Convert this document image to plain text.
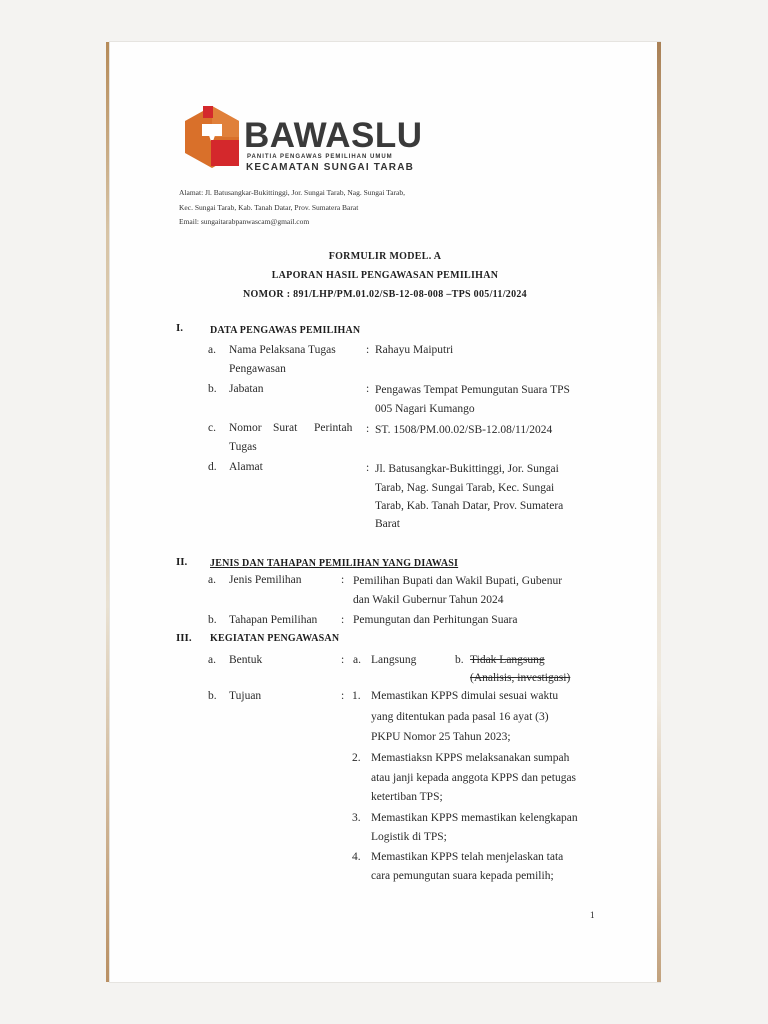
BAWASLU
PANITIA PENGAWAS PEMILIHAN UMUM
KECAMATAN SUNGAI TARAB
Alamat: Jl. Batusangkar-Bukittinggi, Jor. Sungai Tarab, Nag. Sungai Tarab,
Kec. Sungai Tarab, Kab. Tanah Datar, Prov. Sumatera Barat
Email: sungaitarabpanwascam@gmail.com
FORMULIR MODEL. A
LAPORAN HASIL PENGAWASAN PEMILIHAN
NOMOR : 891/LHP/PM.01.02/SB-12-08-008 –TPS 005/11/2024
I.	DATA PENGAWAS PEMILIHAN
a. Nama Pelaksana Tugas
Pengawasan
: Rahayu Maiputri
b. Jabatan	: Pengawas Tempat Pemungutan Suara TPS
005 Nagari Kumango
c. Nomor Surat Perintah
Tugas
: ST. 1508/PM.00.02/SB-12.08/11/2024
d. Alamat	: Jl. Batusangkar-Bukittinggi, Jor. Sungai
Tarab, Nag. Sungai Tarab, Kec. Sungai
Tarab, Kab. Tanah Datar, Prov. Sumatera
Barat
II. JENIS DAN TAHAPAN PEMILIHAN YANG DIAWASI
a. Jenis Pemilihan	: Pemilihan Bupati dan Wakil Bupati, Gubenur
dan Wakil Gubernur Tahun 2024
b. Tahapan Pemilihan : Pemungutan dan Perhitungan Suara
III. KEGIATAN PENGAWASAN
a. Bentuk	: a. Langsung	b. Tidak Langsung
(Analisis, investigasi)
b. Tujuan	: 1. Memastikan KPPS dimulai sesuai waktu
yang ditentukan pada pasal 16 ayat (3)
PKPU Nomor 25 Tahun 2023;
2. Memastiaksn KPPS melaksanakan sumpah
atau janji kepada anggota KPPS dan petugas
ketertiban TPS;
3. Memastikan KPPS memastikan kelengkapan
Logistik di TPS;
4. Memastikan KPPS telah menjelaskan tata
cara pemungutan suara kepada pemilih;
1
